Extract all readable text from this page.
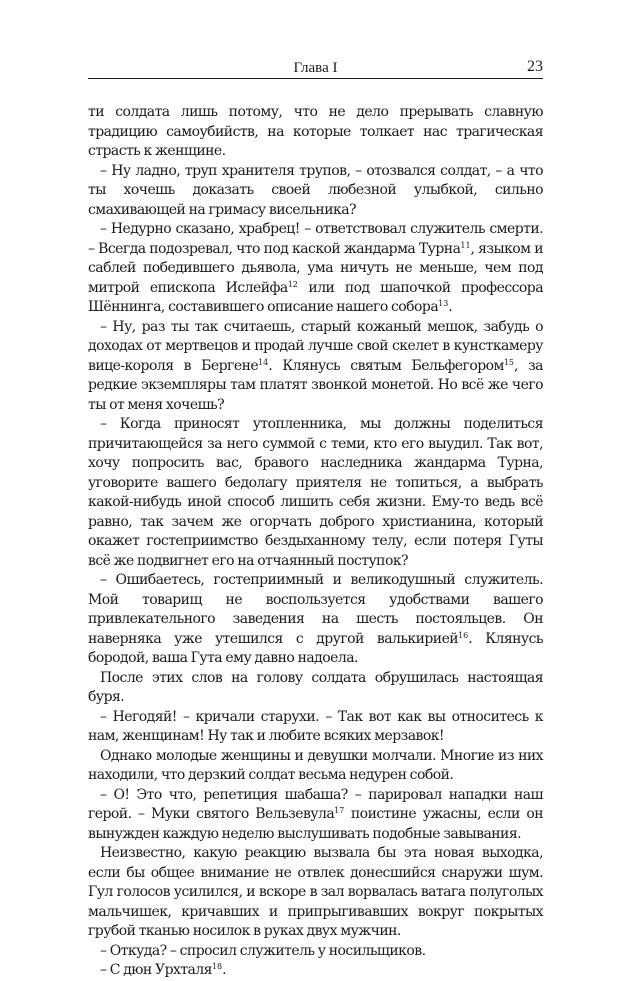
Глава I	23

ти солдата лишь потому, что не дело прерывать славную традицию самоубийств, на которые толкает нас трагическая страсть к женщине.

– Ну ладно, труп хранителя трупов, – отозвался солдат, – а что ты хочешь доказать своей любезной улыбкой, сильно смахивающей на гримасу висельника?

– Недурно сказано, храбрец! – ответствовал служитель смерти. – Всегда подозревал, что под каской жандарма Турна$^{11}$, языком и саблей победившего дьявола, ума ничуть не меньше, чем под митрой епископа Ислейфа$^{12}$ или под шапочкой профессора Шённинга, составившего описание нашего собора$^{13}$.

– Ну, раз ты так считаешь, старый кожаный мешок, забудь о доходах от мертвецов и продай лучше свой скелет в кунсткамеру вице-короля в Бергене$^{14}$. Клянусь святым Бельфегором$^{15}$, за редкие экземпляры там платят звонкой монетой. Но всё же чего ты от меня хочешь?

– Когда приносят утопленника, мы должны поделиться причитающейся за него суммой с теми, кто его выудил. Так вот, хочу попросить вас, бравого наследника жандарма Турна, уговорите вашего бедолагу приятеля не топиться, а выбрать какой-нибудь иной способ лишить себя жизни. Ему-то ведь всё равно, так зачем же огорчать доброго христианина, который окажет гостеприимство бездыханному телу, если потеря Гуты всё же подвигнет его на отчаянный поступок?

– Ошибаетесь, гостеприимный и великодушный служитель. Мой товарищ не воспользуется удобствами вашего привлекательного заведения на шесть постояльцев. Он наверняка уже утешился с другой валькирией$^{16}$. Клянусь бородой, ваша Гута ему давно надоела.

После этих слов на голову солдата обрушилась настоящая буря.

– Негодяй! – кричали старухи. – Так вот как вы относитесь к нам, женщинам! Ну так и любите всяких мерзавок!

Однако молодые женщины и девушки молчали. Многие из них находили, что дерзкий солдат весьма недурен собой.

– О! Это что, репетиция шабаша? – парировал нападки наш герой. – Муки святого Вельзевула$^{17}$ поистине ужасны, если он вынужден каждую неделю выслушивать подобные завывания.

Неизвестно, какую реакцию вызвала бы эта новая выходка, если бы общее внимание не отвлек донесшийся снаружи шум. Гул голосов усилился, и вскоре в зал ворвалась ватага полуголых мальчишек, кричавших и припрыгивавших вокруг покрытых грубой тканью носилок в руках двух мужчин.

– Откуда? – спросил служитель у носильщиков.

– С дюн Урхталя$^{18}$.
